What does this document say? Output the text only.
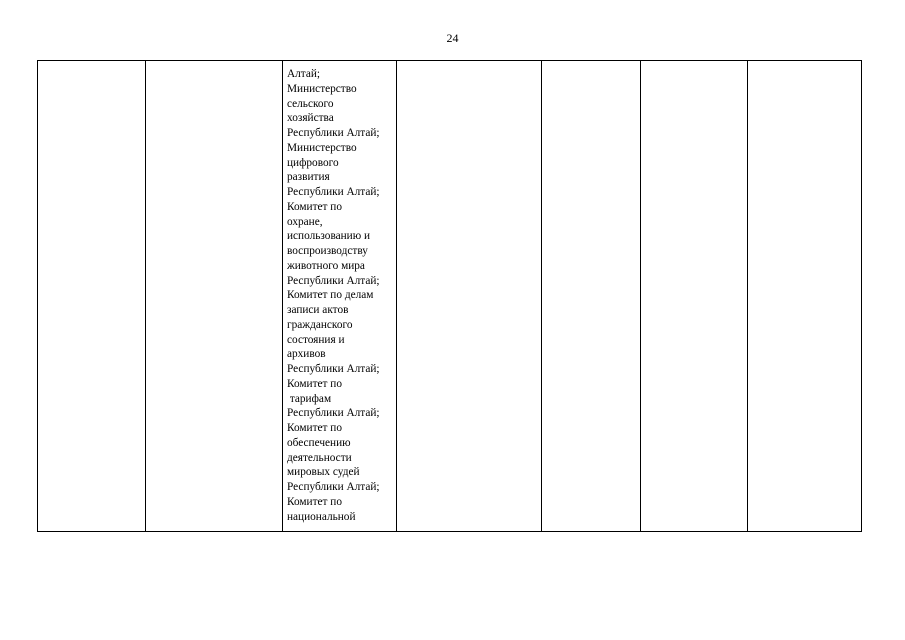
24

Алтай;
Министерство
сельского
хозяйства
Республики Алтай;
Министерство
цифрового
развития
Республики Алтай;
Комитет по
охране,
использованию и
воспроизводству
животного мира
Республики Алтай;
Комитет по делам
записи актов
гражданского
состояния и
архивов
Республики Алтай;
Комитет по
тарифам
Республики Алтай;
Комитет по
обеспечению
деятельности
мировых судей
Республики Алтай;
Комитет по
национальной
